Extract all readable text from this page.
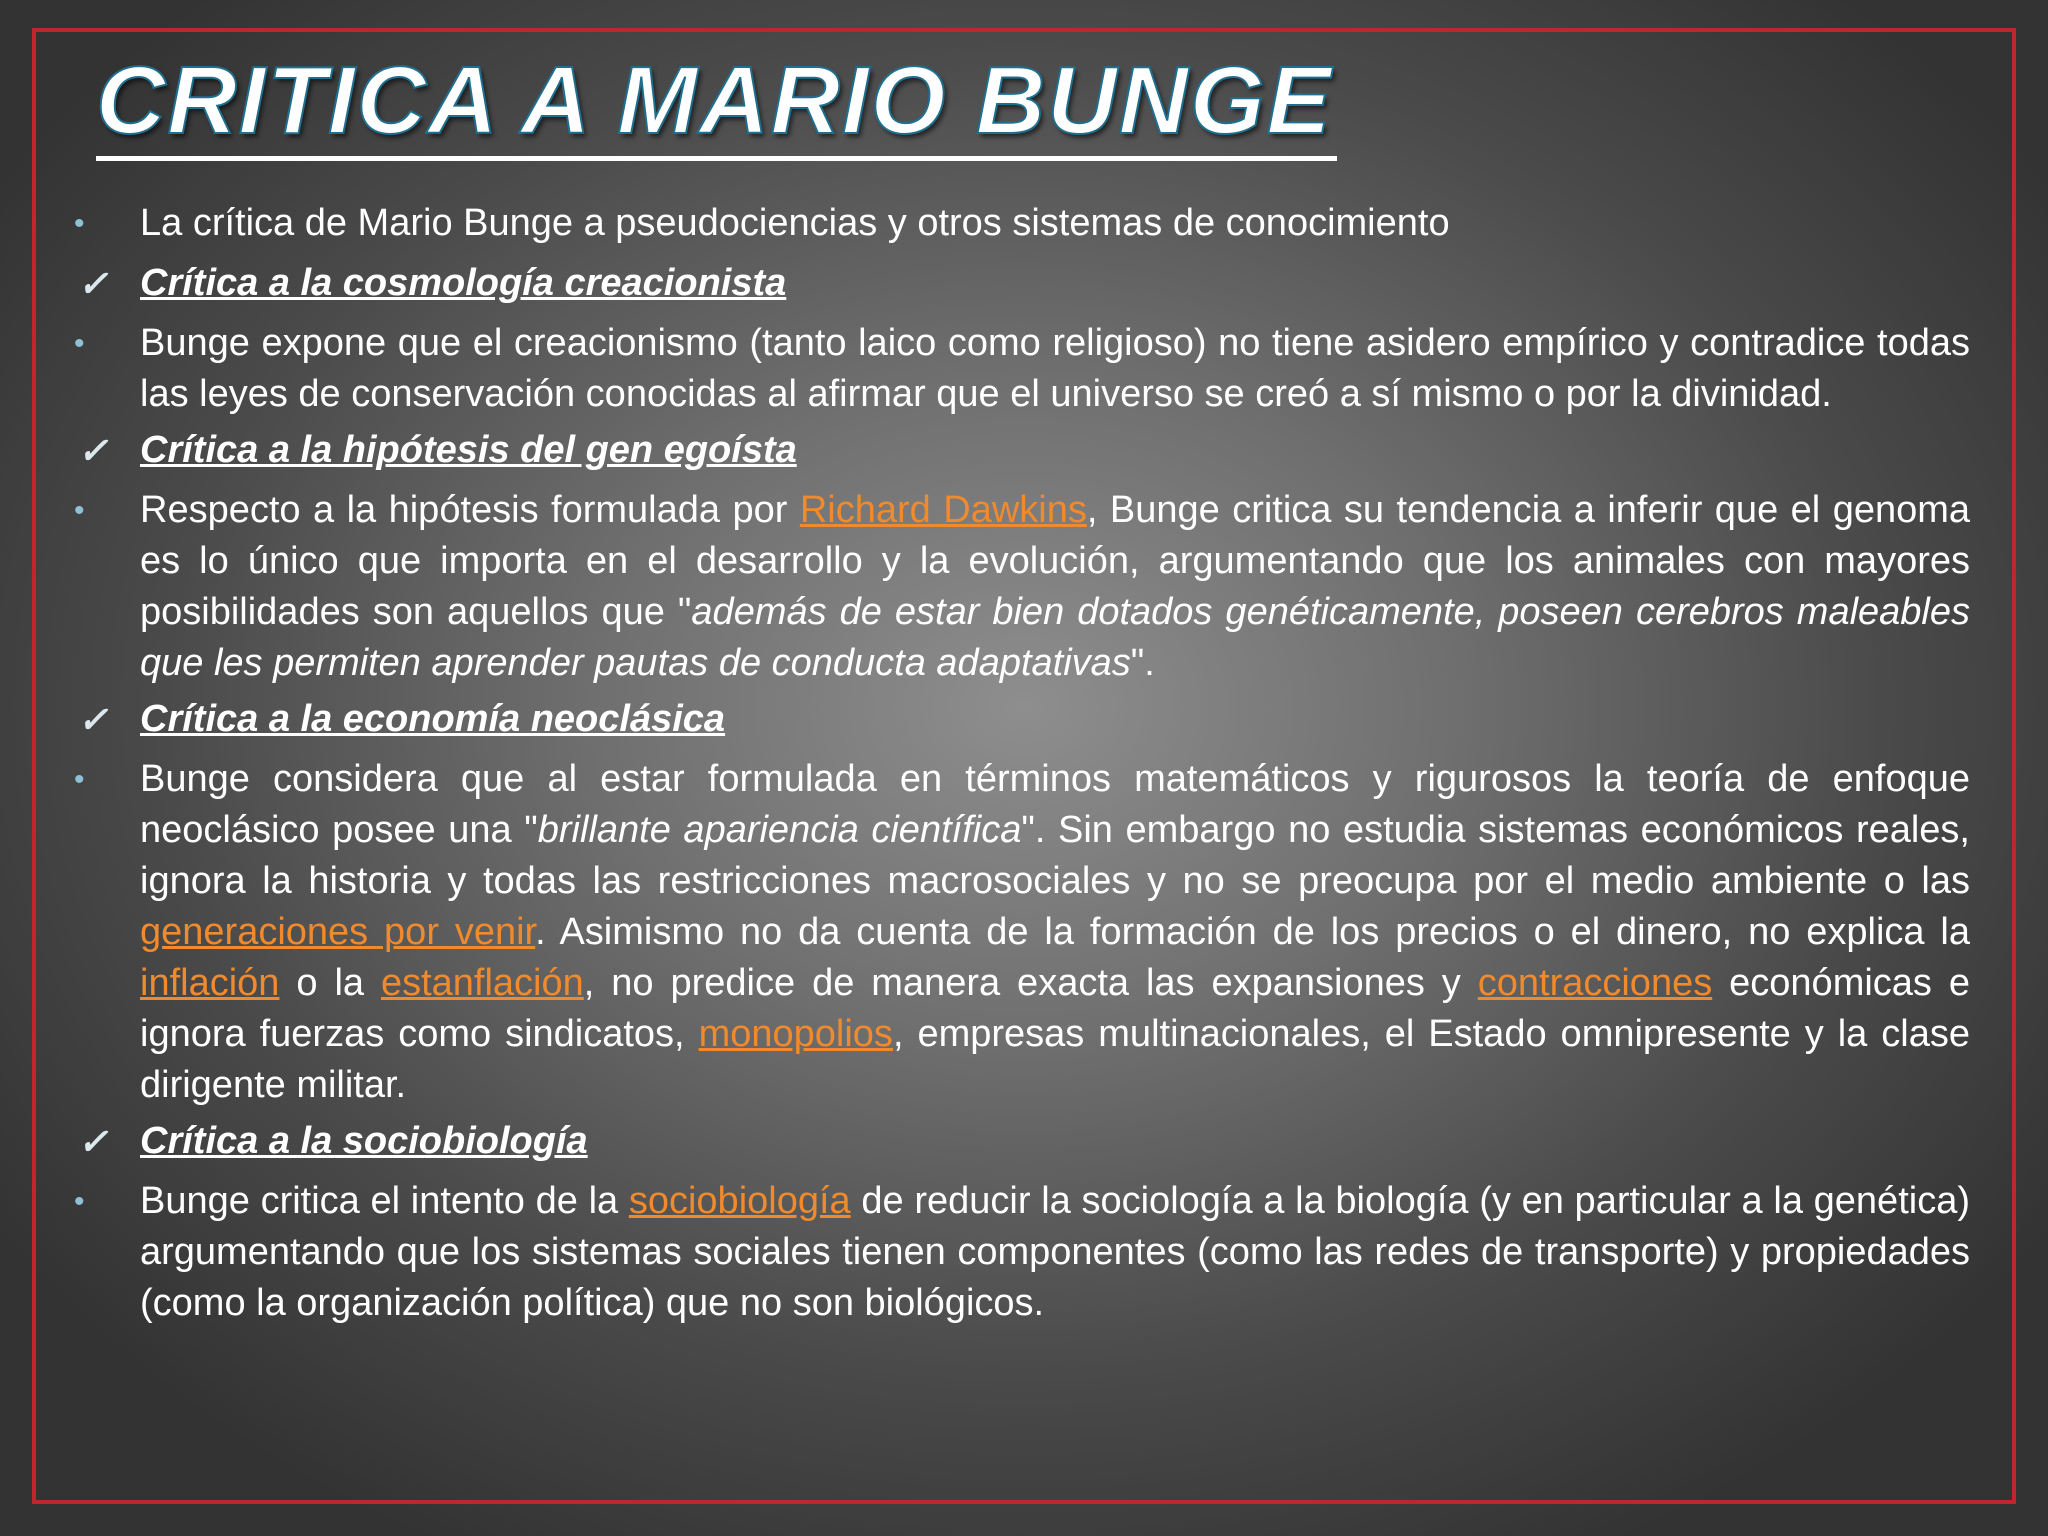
CRITICA A MARIO BUNGE
•	La crítica de Mario Bunge a pseudociencias y otros sistemas de conocimiento
✓ Crítica a la cosmología creacionista
•	Bunge expone que el creacionismo (tanto laico como religioso) no tiene asidero empírico y contradice todas las leyes de conservación conocidas al afirmar que el universo se creó a sí mismo o por la divinidad.
✓ Crítica a la hipótesis del gen egoísta
•	Respecto a la hipótesis formulada por Richard Dawkins, Bunge critica su tendencia a inferir que el genoma es lo único que importa en el desarrollo y la evolución, argumentando que los animales con mayores posibilidades son aquellos que "además de estar bien dotados genéticamente, poseen cerebros maleables que les permiten aprender pautas de conducta adaptativas".
✓ Crítica a la economía neoclásica
•	Bunge considera que al estar formulada en términos matemáticos y rigurosos la teoría de enfoque neoclásico posee una "brillante apariencia científica". Sin embargo no estudia sistemas económicos reales, ignora la historia y todas las restricciones macrosociales y no se preocupa por el medio ambiente o las generaciones por venir. Asimismo no da cuenta de la formación de los precios o el dinero, no explica la inflación o la estanflación, no predice de manera exacta las expansiones y contracciones económicas e ignora fuerzas como sindicatos, monopolios, empresas multinacionales, el Estado omnipresente y la clase dirigente militar.
✓ Crítica a la sociobiología
•	Bunge critica el intento de la sociobiología de reducir la sociología a la biología (y en particular a la genética) argumentando que los sistemas sociales tienen componentes (como las redes de transporte) y propiedades (como la organización política) que no son biológicos.
